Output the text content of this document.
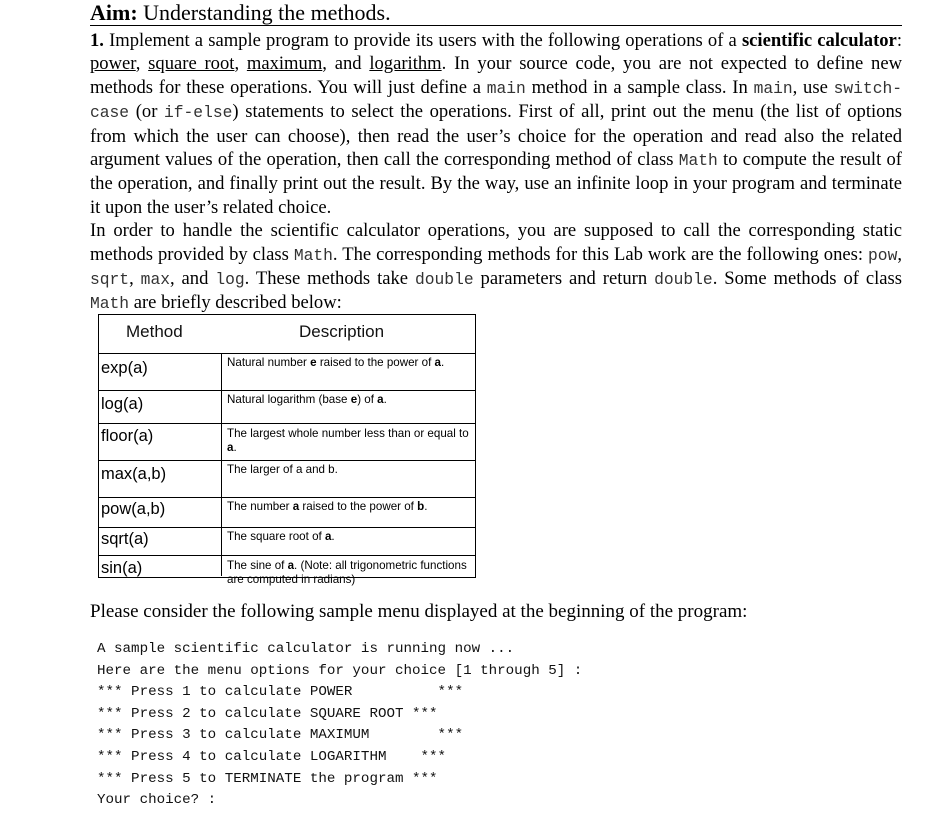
Aim: Understanding the methods.

1. Implement a sample program to provide its users with the following operations of a scientific calculator: power, square root, maximum, and logarithm. In your source code, you are not expected to define new methods for these operations. You will just define a main method in a sample class. In main, use switch-case (or if-else) statements to select the operations. First of all, print out the menu (the list of options from which the user can choose), then read the user’s choice for the operation and read also the related argument values of the operation, then call the corresponding method of class Math to compute the result of the operation, and finally print out the result. By the way, use an infinite loop in your program and terminate it upon the user’s related choice.

In order to handle the scientific calculator operations, you are supposed to call the corresponding static methods provided by class Math. The corresponding methods for this Lab work are the following ones: pow, sqrt, max, and log. These methods take double parameters and return double. Some methods of class Math are briefly described below:

Method	Description
exp(a)	Natural number e raised to the power of a.
log(a)	Natural logarithm (base e) of a.
floor(a)	The largest whole number less than or equal to a.
max(a,b)	The larger of a and b.
pow(a,b)	The number a raised to the power of b.
sqrt(a)	The square root of a.
sin(a)	The sine of a. (Note: all trigonometric functions are computed in radians)
Please consider the following sample menu displayed at the beginning of the program:
A sample scientific calculator is running now ...
Here are the menu options for your choice [1 through 5] :
*** Press 1 to calculate POWER          ***
*** Press 2 to calculate SQUARE ROOT ***
*** Press 3 to calculate MAXIMUM        ***
*** Press 4 to calculate LOGARITHM    ***
*** Press 5 to TERMINATE the program ***
Your choice? :
